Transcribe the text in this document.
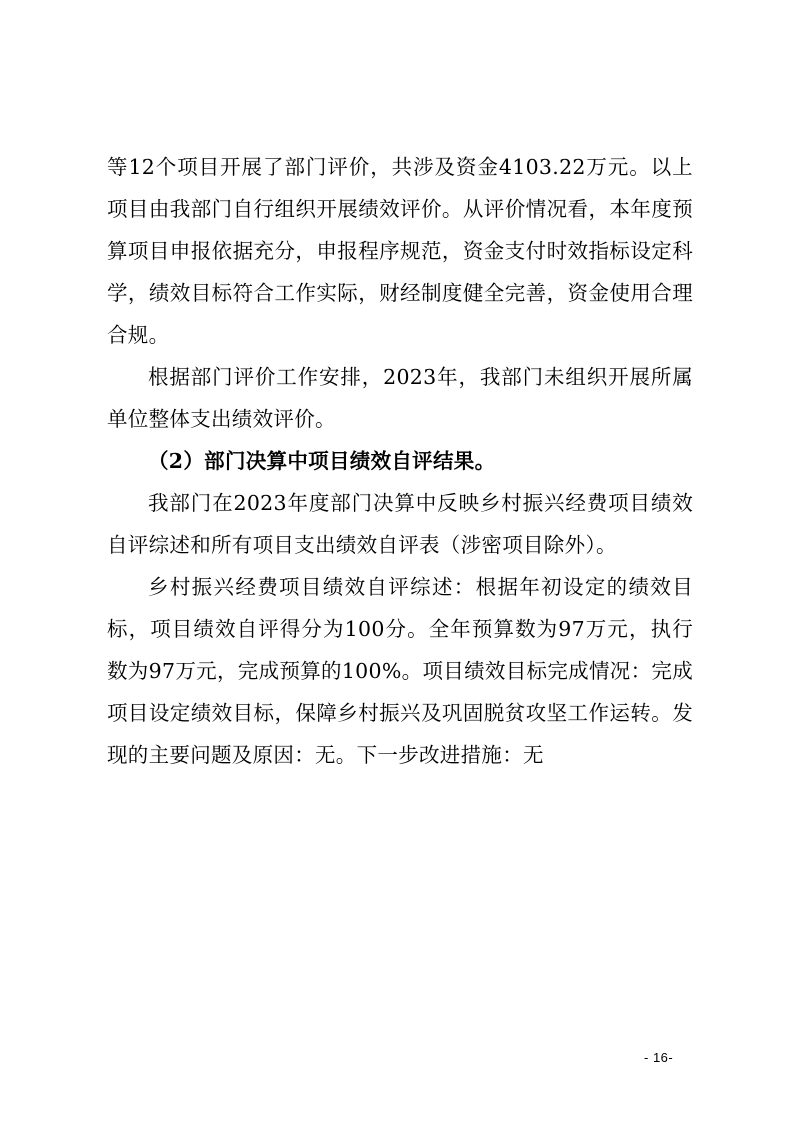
等12个项目开展了部门评价，共涉及资金4103.22万元。以上项目由我部门自行组织开展绩效评价。从评价情况看，本年度预算项目申报依据充分，申报程序规范，资金支付时效指标设定科学，绩效目标符合工作实际，财经制度健全完善，资金使用合理合规。

根据部门评价工作安排，2023年，我部门未组织开展所属单位整体支出绩效评价。

（2）部门决算中项目绩效自评结果。

我部门在2023年度部门决算中反映乡村振兴经费项目绩效自评综述和所有项目支出绩效自评表（涉密项目除外）。

乡村振兴经费项目绩效自评综述：根据年初设定的绩效目标，项目绩效自评得分为100分。全年预算数为97万元，执行数为97万元，完成预算的100%。项目绩效目标完成情况：完成项目设定绩效目标，保障乡村振兴及巩固脱贫攻坚工作运转。发现的主要问题及原因：无。下一步改进措施：无

- 16-
